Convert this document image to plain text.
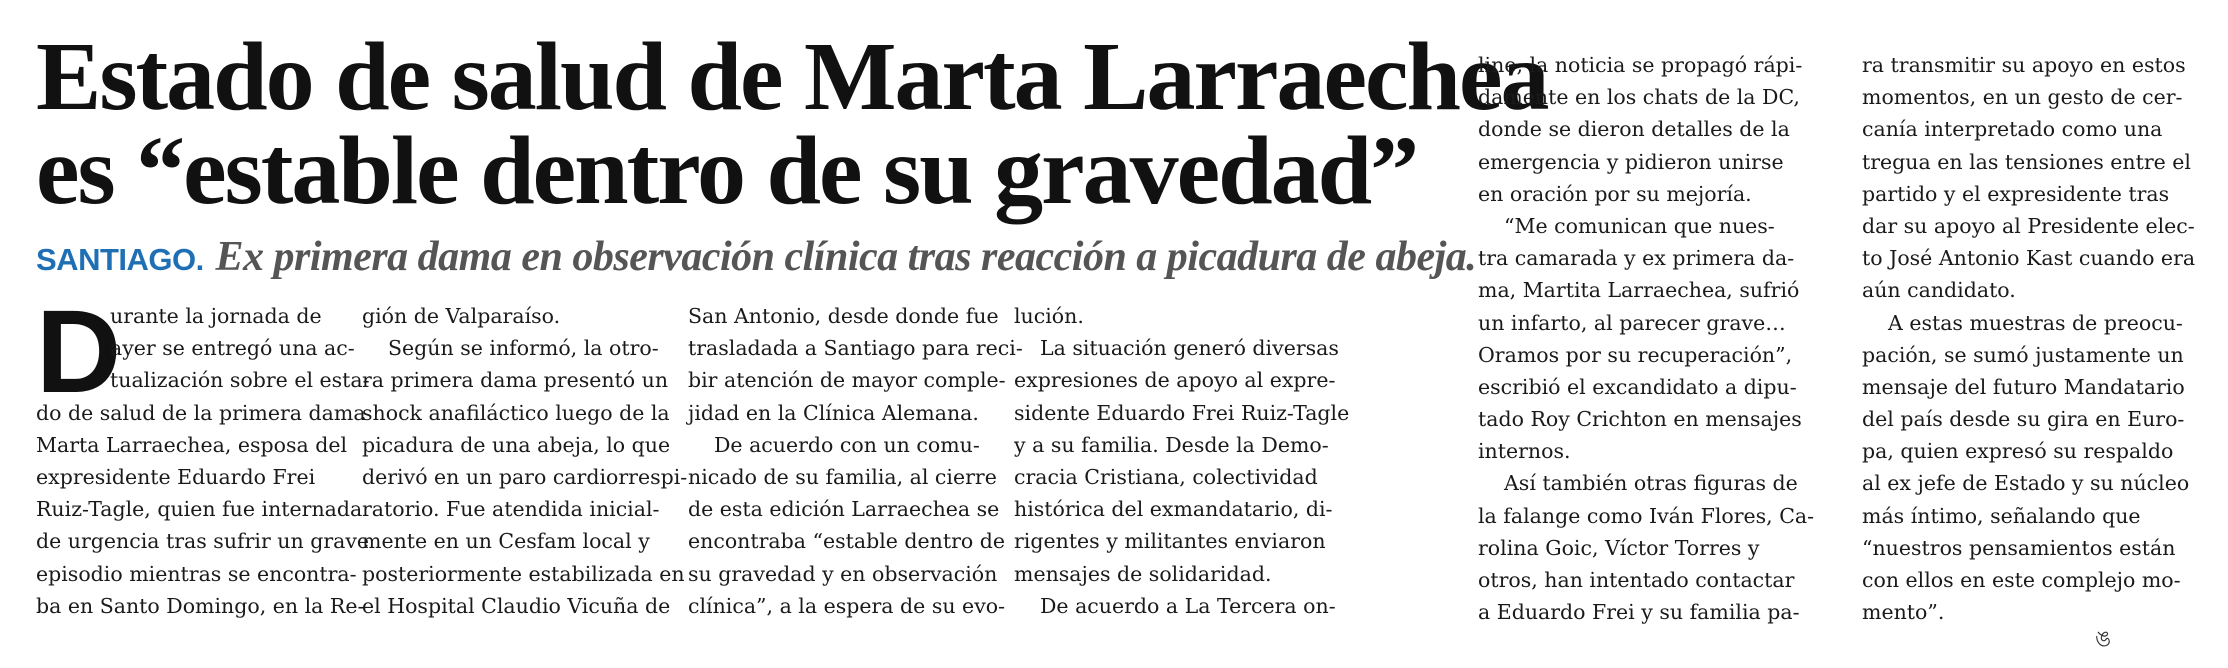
Estado de salud de Marta Larraechea
es “estable dentro de su gravedad”
SANTIAGO. Ex primera dama en observación clínica tras reacción a picadura de abeja.
D
urante la jornada de
ayer se entregó una ac-
tualización sobre el esta-
do de salud de la primera dama
Marta Larraechea, esposa del
expresidente Eduardo Frei
Ruiz-Tagle, quien fue internada
de urgencia tras sufrir un grave
episodio mientras se encontra-
ba en Santo Domingo, en la Re-
gión de Valparaíso.
Según se informó, la otro-
ra primera dama presentó un
shock anafiláctico luego de la
picadura de una abeja, lo que
derivó en un paro cardiorrespi-
ratorio. Fue atendida inicial-
mente en un Cesfam local y
posteriormente estabilizada en
el Hospital Claudio Vicuña de
San Antonio, desde donde fue
trasladada a Santiago para reci-
bir atención de mayor comple-
jidad en la Clínica Alemana.
De acuerdo con un comu-
nicado de su familia, al cierre
de esta edición Larraechea se
encontraba “estable dentro de
su gravedad y en observación
clínica”, a la espera de su evo-
lución.
La situación generó diversas
expresiones de apoyo al expre-
sidente Eduardo Frei Ruiz-Tagle
y a su familia. Desde la Demo-
cracia Cristiana, colectividad
histórica del exmandatario, di-
rigentes y militantes enviaron
mensajes de solidaridad.
De acuerdo a La Tercera on-
line, la noticia se propagó rápi-
damente en los chats de la DC,
donde se dieron detalles de la
emergencia y pidieron unirse
en oración por su mejoría.
“Me comunican que nues-
tra camarada y ex primera da-
ma, Martita Larraechea, sufrió
un infarto, al parecer grave…
Oramos por su recuperación”,
escribió el excandidato a dipu-
tado Roy Crichton en mensajes
internos.
Así también otras figuras de
la falange como Iván Flores, Ca-
rolina Goic, Víctor Torres y
otros, han intentado contactar
a Eduardo Frei y su familia pa-
ra transmitir su apoyo en estos
momentos, en un gesto de cer-
canía interpretado como una
tregua en las tensiones entre el
partido y el expresidente tras
dar su apoyo al Presidente elec-
to José Antonio Kast cuando era
aún candidato.
A estas muestras de preocu-
pación, se sumó justamente un
mensaje del futuro Mandatario
del país desde su gira en Euro-
pa, quien expresó su respaldo
al ex jefe de Estado y su núcleo
más íntimo, señalando que
“nuestros pensamientos están
con ellos en este complejo mo-
mento”.
ঙ
